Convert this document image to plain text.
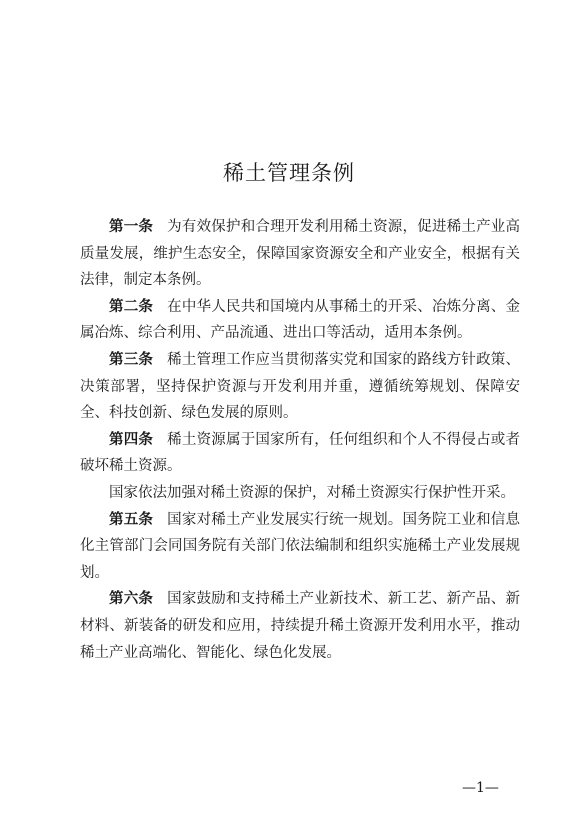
稀土管理条例

第一条 为有效保护和合理开发利用稀土资源，促进稀土产业高质量发展，维护生态安全，保障国家资源安全和产业安全，根据有关法律，制定本条例。

第二条 在中华人民共和国境内从事稀土的开采、冶炼分离、金属冶炼、综合利用、产品流通、进出口等活动，适用本条例。

第三条 稀土管理工作应当贯彻落实党和国家的路线方针政策、决策部署，坚持保护资源与开发利用并重，遵循统筹规划、保障安全、科技创新、绿色发展的原则。

第四条 稀土资源属于国家所有，任何组织和个人不得侵占或者破坏稀土资源。

国家依法加强对稀土资源的保护，对稀土资源实行保护性开采。

第五条 国家对稀土产业发展实行统一规划。国务院工业和信息化主管部门会同国务院有关部门依法编制和组织实施稀土产业发展规划。

第六条 国家鼓励和支持稀土产业新技术、新工艺、新产品、新材料、新装备的研发和应用，持续提升稀土资源开发利用水平，推动稀土产业高端化、智能化、绿色化发展。

—1—
